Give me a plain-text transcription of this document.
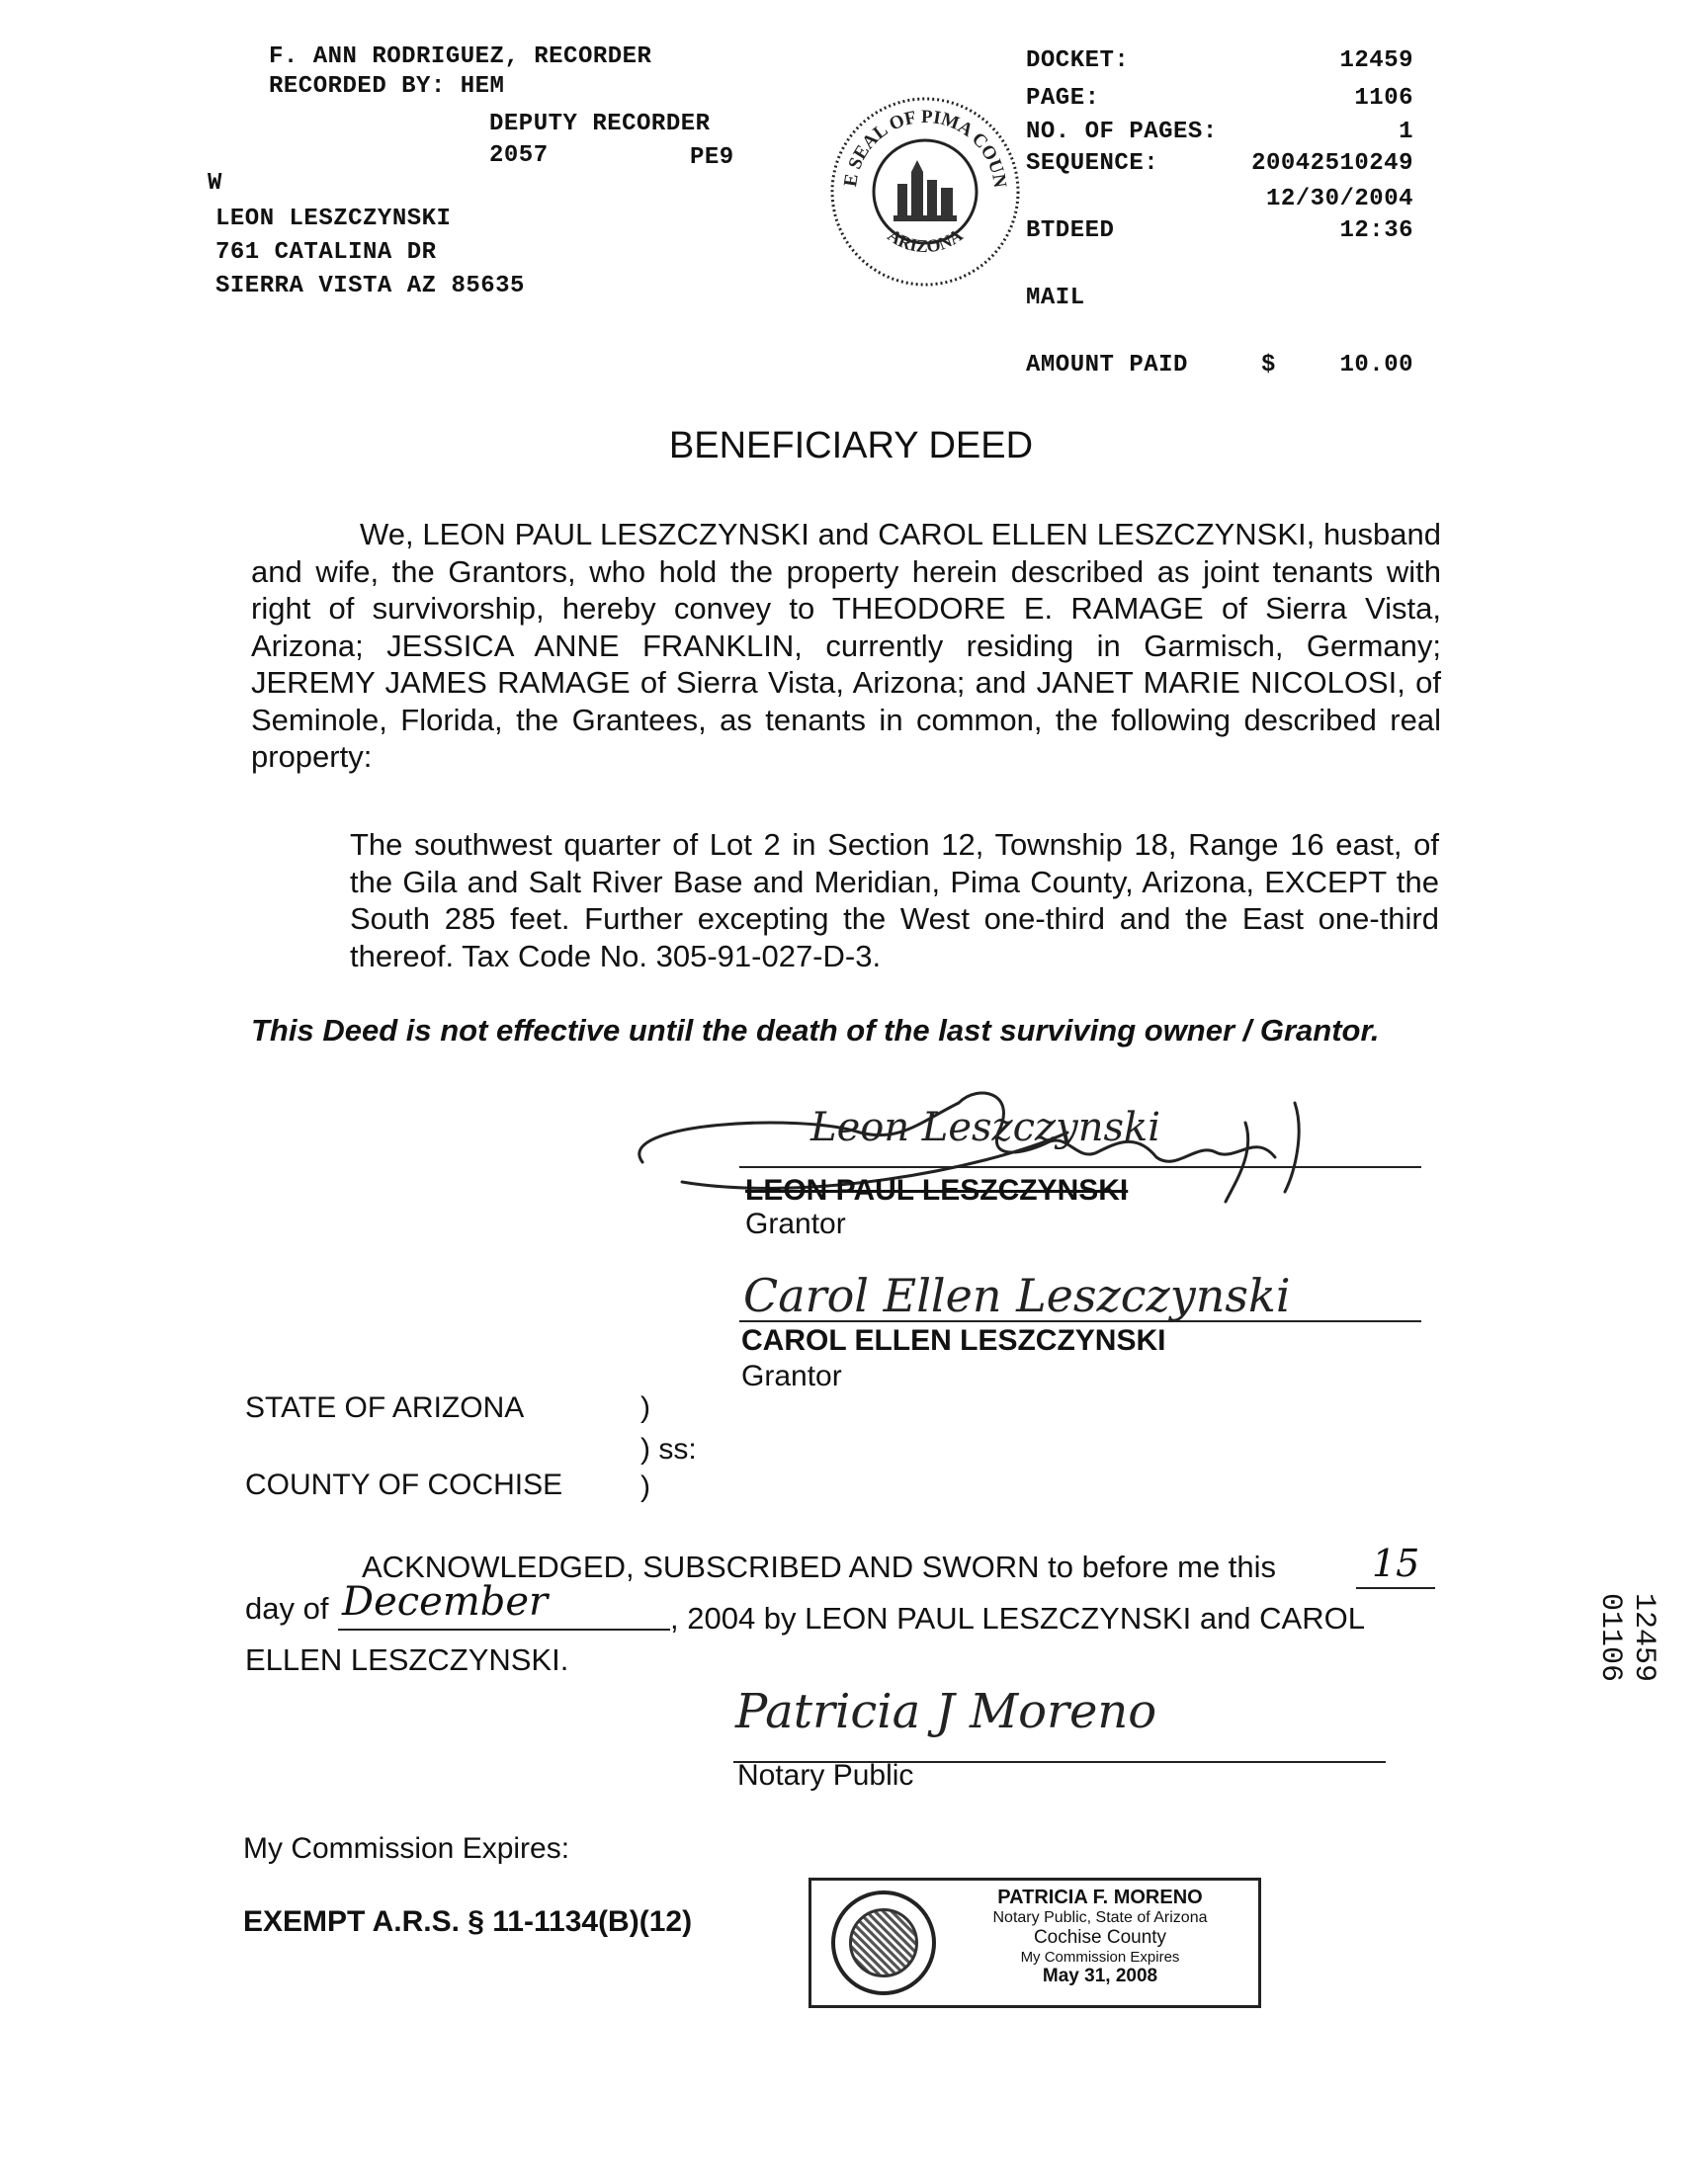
F. ANN RODRIGUEZ, RECORDER
RECORDED BY: HEM
DEPUTY RECORDER
2057	PE9
W
LEON LESZCZYNSKI
761 CATALINA DR
SIERRA VISTA AZ 85635

E SEAL OF PIMA COUN
ARIZONA

DOCKET:	12459
PAGE:	1106
NO. OF PAGES:	1
SEQUENCE:	20042510249
12/30/2004
BTDEED	12:36
MAIL
AMOUNT PAID	$	10.00
BENEFICIARY DEED
We, LEON PAUL LESZCZYNSKI and CAROL ELLEN LESZCZYNSKI, husband and wife, the Grantors, who hold the property herein described as joint tenants with right of survivorship, hereby convey to THEODORE E. RAMAGE of Sierra Vista, Arizona; JESSICA ANNE FRANKLIN, currently residing in Garmisch, Germany; JEREMY JAMES RAMAGE of Sierra Vista, Arizona; and JANET MARIE NICOLOSI, of Seminole, Florida, the Grantees, as tenants in common, the following described real property:
The southwest quarter of Lot 2 in Section 12, Township 18, Range 16 east, of the Gila and Salt River Base and Meridian, Pima County, Arizona, EXCEPT the South 285 feet. Further excepting the West one-third and the East one-third thereof. Tax Code No. 305-91-027-D-3.
This Deed is not effective until the death of the last surviving owner / Grantor.
Leon Leszczynski
LEON PAUL LESZCZYNSKI
Grantor
Carol Ellen Leszczynski
CAROL ELLEN LESZCZYNSKI
Grantor
STATE OF ARIZONA	)
) ss:
COUNTY OF COCHISE	)
ACKNOWLEDGED, SUBSCRIBED AND SWORN to before me this	15
day of December	, 2004 by LEON PAUL LESZCZYNSKI and CAROL
ELLEN LESZCZYNSKI.
Patricia J Moreno
Notary Public
My Commission Expires:
EXEMPT A.R.S. § 11-1134(B)(12)
PATRICIA F. MORENO
Notary Public, State of Arizona
Cochise County
My Commission Expires
May 31, 2008
12459 01106
